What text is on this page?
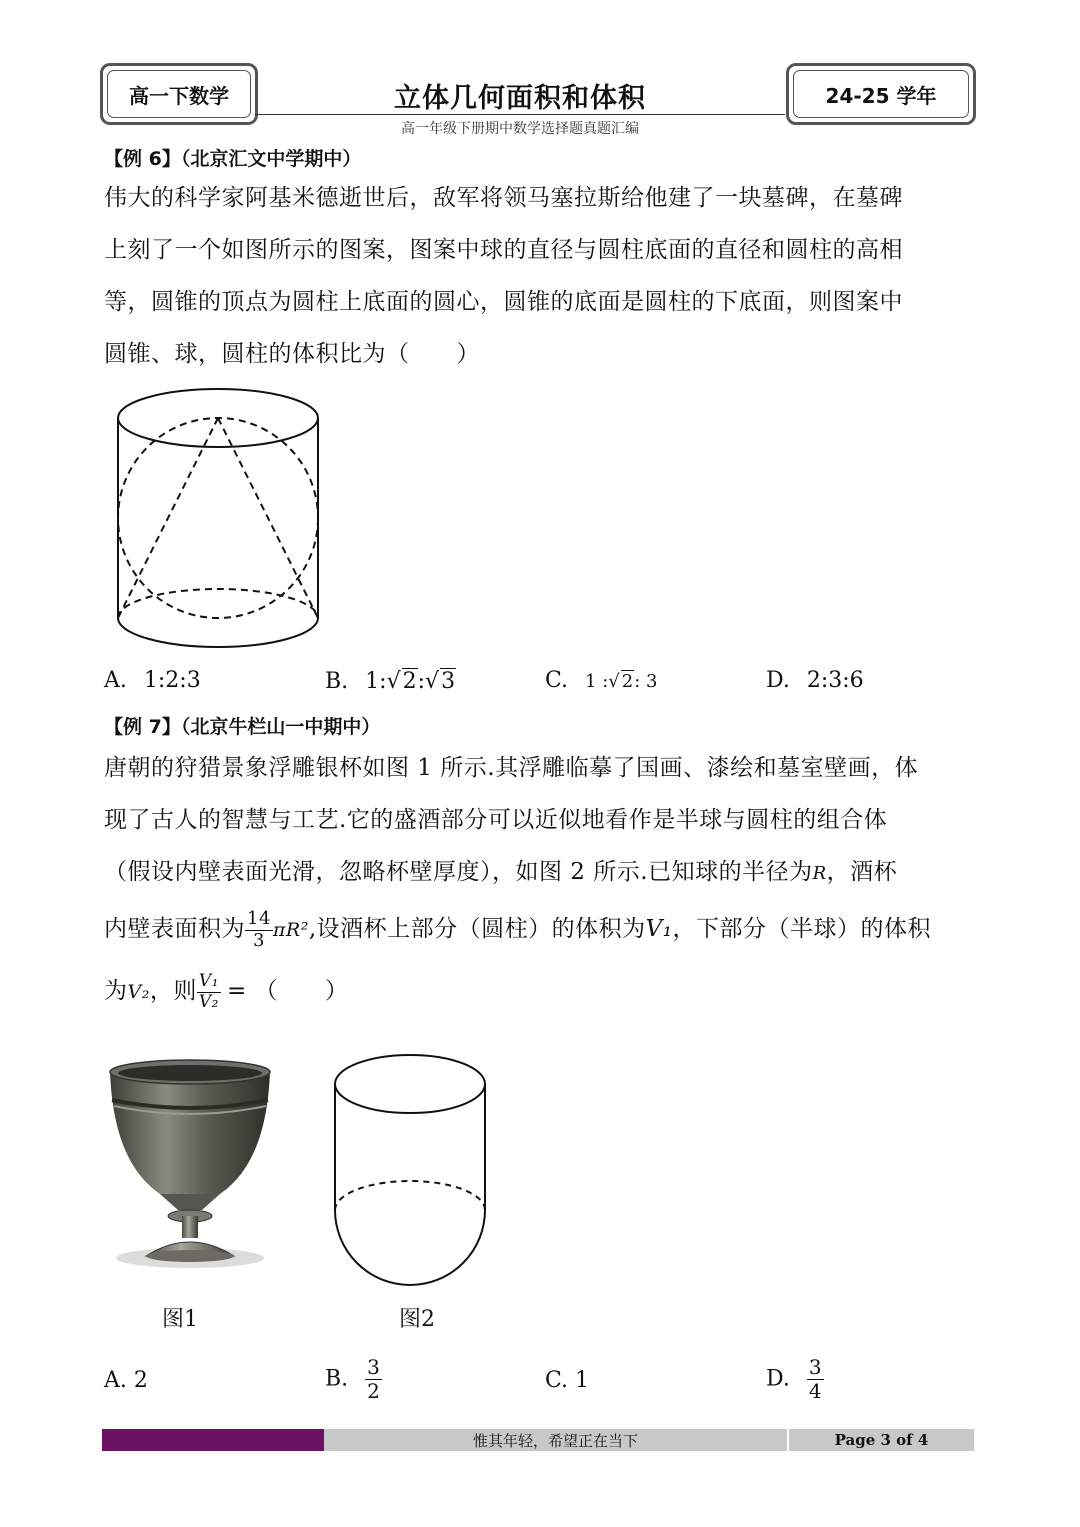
高一下数学	立体几何面积和体积
高一年级下册期中数学选择题真题汇编
24-25 学年
【例 6】（北京汇文中学期中）
伟大的科学家阿基米德逝世后，敌军将领马塞拉斯给他建了一块墓碑，在墓碑
上刻了一个如图所示的图案，图案中球的直径与圆柱底面的直径和圆柱的高相
等，圆锥的顶点为圆柱上底面的圆心，圆锥的底面是圆柱的下底面，则图案中
圆锥、球，圆柱的体积比为（　　）
A. 1:2:3	B. 1:√2:√3	C. 1 :√ 2: 3	D. 2:3:6
【例 7】（北京牛栏山一中期中）
唐朝的狩猎景象浮雕银杯如图 1 所示.其浮雕临摹了国画、漆绘和墓室壁画，体
现了古人的智慧与工艺.它的盛酒部分可以近似地看作是半球与圆柱的组合体
（假设内壁表面光滑，忽略杯壁厚度），如图 2 所示.已知球的半径为R，酒杯
内壁表面积为 $\frac{14}{3} \pi R^2$,设酒杯上部分（圆柱）的体积为V₁，下部分（半球）的体积
为V₂，则 $\frac{\text{V₁}}{\text{V₂}}$ = （　　）
图1	图2
A. 2	B. $\frac{3}{2}$	C. 1	D. $\frac{3}{4}$
惟其年轻，希望正在当下	Page 3 of 4
